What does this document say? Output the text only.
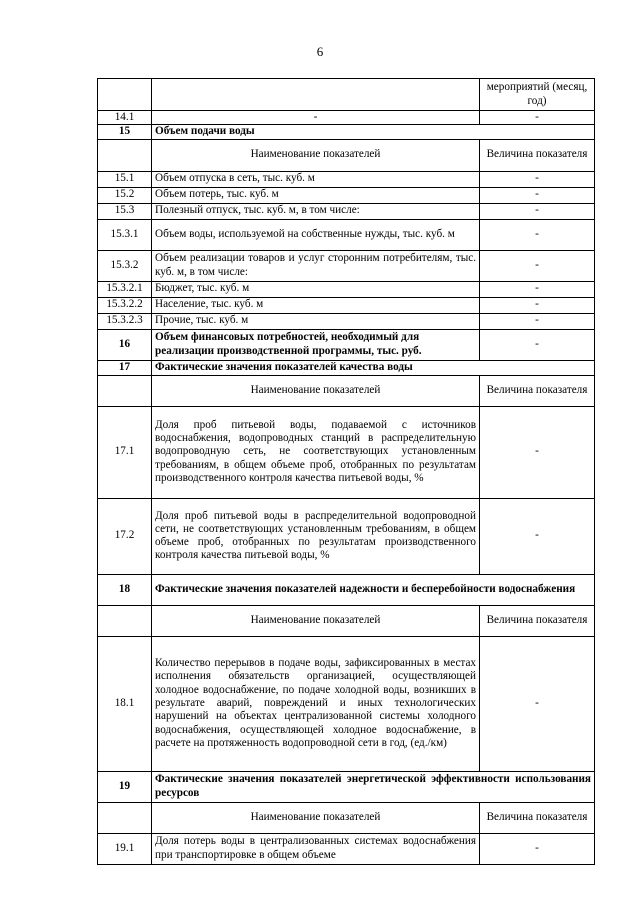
6
		мероприятий (месяц, год)
14.1	-	-
15	Объем подачи воды	
	Наименование показателей	Величина показателя
15.1	Объем отпуска в сеть, тыс. куб. м	-
15.2	Объем потерь, тыс. куб. м	-
15.3	Полезный отпуск, тыс. куб. м, в том числе:	-
15.3.1	Объем воды, используемой на собственные нужды, тыс. куб. м	-
15.3.2	Объем реализации товаров и услуг сторонним потребителям, тыс. куб. м, в том числе:	-
15.3.2.1	Бюджет, тыс. куб. м	-
15.3.2.2	Население, тыс. куб. м	-
15.3.2.3	Прочие, тыс. куб. м	-
16	Объем финансовых потребностей, необходимый для реализации производственной программы, тыс. руб.	-
17	Фактические значения показателей качества воды	
	Наименование показателей	Величина показателя
17.1	Доля проб питьевой воды, подаваемой с источников водоснабжения, водопроводных станций в распределительную водопроводную сеть, не соответствующих установленным требованиям, в общем объеме проб, отобранных по результатам производственного контроля качества питьевой воды, %	-
17.2	Доля проб питьевой воды в распределительной водопроводной сети, не соответствующих установленным требованиям, в общем объеме проб, отобранных по результатам производственного контроля качества питьевой воды, %	-
18	Фактические значения показателей надежности и бесперебойности водоснабжения	
	Наименование показателей	Величина показателя
18.1	Количество перерывов в подаче воды, зафиксированных в местах исполнения обязательств организацией, осуществляющей холодное водоснабжение, по подаче холодной воды, возникших в результате аварий, повреждений и иных технологических нарушений на объектах централизованной системы холодного водоснабжения, осуществляющей холодное водоснабжение, в расчете на протяженность водопроводной сети в год, (ед./км)	-
19	Фактические значения показателей энергетической эффективности использования ресурсов	
	Наименование показателей	Величина показателя
19.1	Доля потерь воды в централизованных системах водоснабжения при транспортировке в общем объеме	-
